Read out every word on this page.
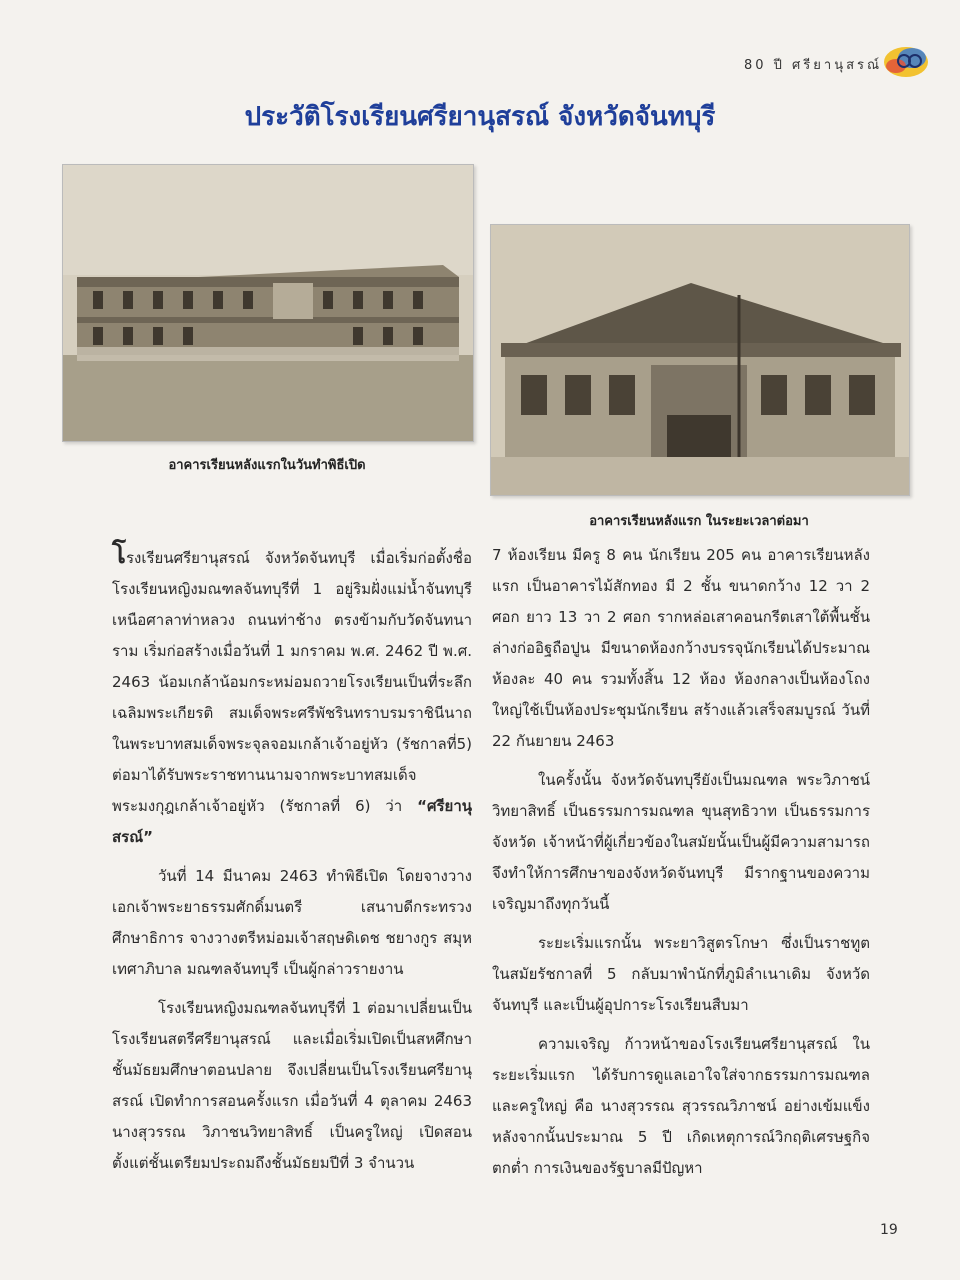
80 ปี ศรียานุสรณ์
ประวัติโรงเรียนศรียานุสรณ์ จังหวัดจันทบุรี
อาคารเรียนหลังแรกในวันทำพิธีเปิด
อาคารเรียนหลังแรก ในระยะเวลาต่อมา

โรงเรียนศรียานุสรณ์ จังหวัดจันทบุรี เมื่อเริ่มก่อตั้งชื่อ โรงเรียนหญิงมณฑลจันทบุรีที่ 1 อยู่ริมฝั่งแม่น้ำจันทบุรี เหนือศาลาท่าหลวง ถนนท่าช้าง ตรงข้ามกับวัดจันทนาราม เริ่มก่อสร้างเมื่อวันที่ 1 มกราคม พ.ศ. 2462 ปี พ.ศ. 2463 น้อมเกล้าน้อมกระหม่อมถวายโรงเรียนเป็นที่ระลึกเฉลิมพระเกียรติ สมเด็จพระศรีพัชรินทราบรมราชินีนาถ ในพระบาทสมเด็จพระจุลจอมเกล้าเจ้าอยู่หัว (รัชกาลที่5) ต่อมาได้รับพระราชทานนามจากพระบาทสมเด็จพระมงกุฎเกล้าเจ้าอยู่หัว (รัชกาลที่ 6) ว่า “ศรียานุสรณ์”

วันที่ 14 มีนาคม 2463 ทำพิธีเปิด โดยจางวางเอกเจ้าพระยาธรรมศักดิ์มนตรี เสนาบดีกระทรวงศึกษาธิการ จางวางตรีหม่อมเจ้าสฤษดิเดช ชยางกูร สมุหเทศาภิบาล มณฑลจันทบุรี เป็นผู้กล่าวรายงาน

โรงเรียนหญิงมณฑลจันทบุรีที่ 1 ต่อมาเปลี่ยนเป็นโรงเรียนสตรีศรียานุสรณ์ และเมื่อเริ่มเปิดเป็นสหศึกษา ชั้นมัธยมศึกษาตอนปลาย จึงเปลี่ยนเป็นโรงเรียนศรียานุสรณ์ เปิดทำการสอนครั้งแรก เมื่อวันที่ 4 ตุลาคม 2463 นางสุวรรณ วิภาชนวิทยาสิทธิ์ เป็นครูใหญ่ เปิดสอนตั้งแต่ชั้นเตรียมประถมถึงชั้นมัธยมปีที่ 3 จำนวน

7 ห้องเรียน มีครู 8 คน นักเรียน 205 คน อาคารเรียนหลังแรก เป็นอาคารไม้สักทอง มี 2 ชั้น ขนาดกว้าง 12 วา 2 ศอก ยาว 13 วา 2 ศอก รากหล่อเสาคอนกรีตเสาใต้พื้นชั้นล่างก่ออิฐถือปูน มีขนาดห้องกว้างบรรจุนักเรียนได้ประมาณห้องละ 40 คน รวมทั้งสิ้น 12 ห้อง ห้องกลางเป็นห้องโถงใหญ่ใช้เป็นห้องประชุมนักเรียน สร้างแล้วเสร็จสมบูรณ์ วันที่ 22 กันยายน 2463

ในครั้งนั้น จังหวัดจันทบุรียังเป็นมณฑล พระวิภาชน์วิทยาสิทธิ์ เป็นธรรมการมณฑล ขุนสุทธิวาท เป็นธรรมการจังหวัด เจ้าหน้าที่ผู้เกี่ยวข้องในสมัยนั้นเป็นผู้มีความสามารถจึงทำให้การศึกษาของจังหวัดจันทบุรี มีรากฐานของความเจริญมาถึงทุกวันนี้

ระยะเริ่มแรกนั้น พระยาวิสูตรโกษา ซึ่งเป็นราชทูตในสมัยรัชกาลที่ 5 กลับมาพำนักที่ภูมิลำเนาเดิม จังหวัดจันทบุรี และเป็นผู้อุปการะโรงเรียนสืบมา

ความเจริญ ก้าวหน้าของโรงเรียนศรียานุสรณ์ ในระยะเริ่มแรก ได้รับการดูแลเอาใจใส่จากธรรมการมณฑล และครูใหญ่ คือ นางสุวรรณ สุวรรณวิภาชน์ อย่างเข้มแข็ง หลังจากนั้นประมาณ 5 ปี เกิดเหตุการณ์วิกฤติเศรษฐกิจตกต่ำ การเงินของรัฐบาลมีปัญหา

19
